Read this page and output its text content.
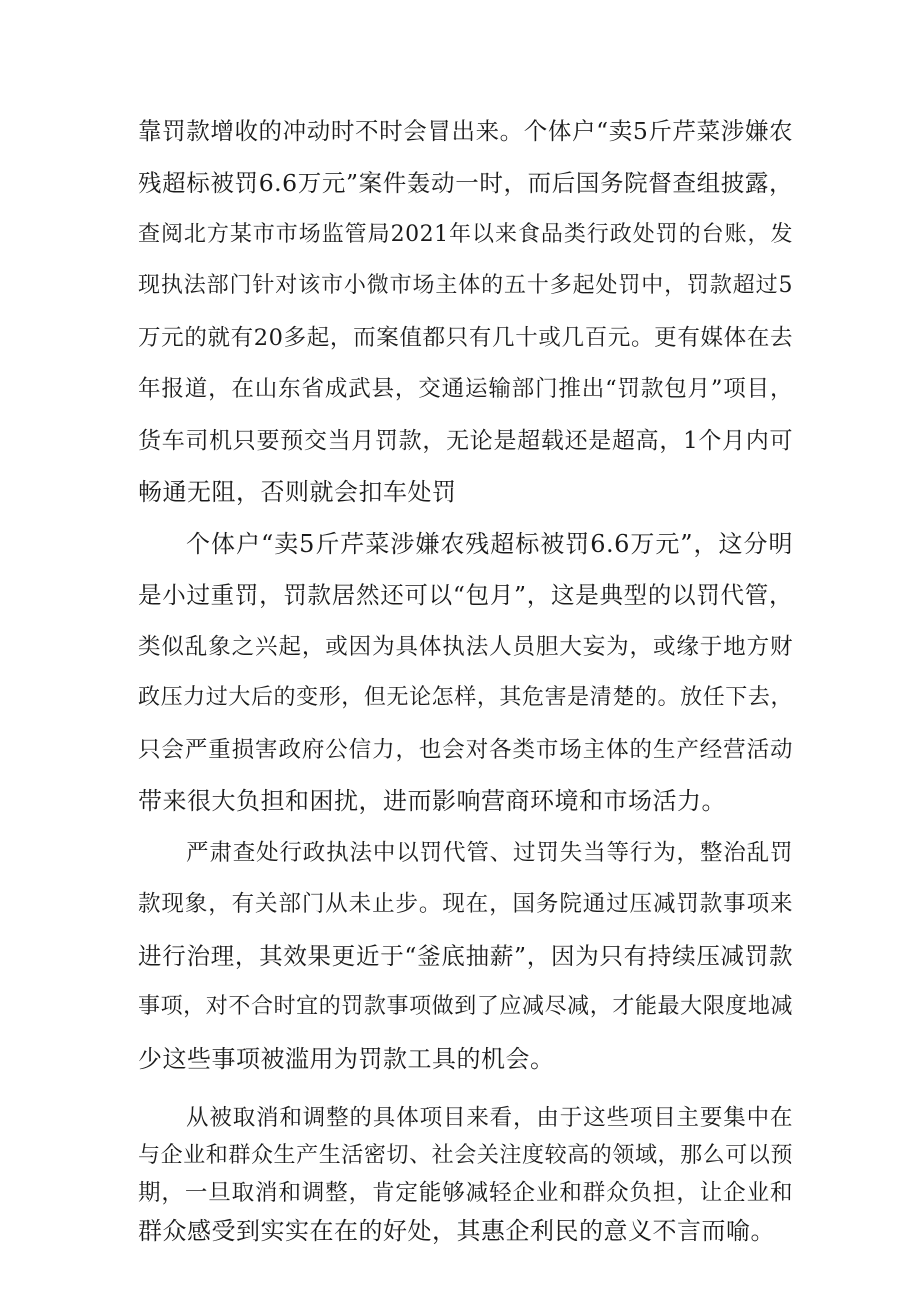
靠罚款增收的冲动时不时会冒出来。个体户“卖5斤芹菜涉嫌农
残超标被罚6.6万元”案件轰动一时，而后国务院督查组披露，
查阅北方某市市场监管局2021年以来食品类行政处罚的台账，发
现执法部门针对该市小微市场主体的五十多起处罚中，罚款超过5
万元的就有20多起，而案值都只有几十或几百元。更有媒体在去
年报道，在山东省成武县，交通运输部门推出“罚款包月”项目，
货车司机只要预交当月罚款，无论是超载还是超高，1个月内可
畅通无阻，否则就会扣车处罚
个体户“卖5斤芹菜涉嫌农残超标被罚6.6万元”，这分明
是小过重罚，罚款居然还可以“包月”，这是典型的以罚代管，
类似乱象之兴起，或因为具体执法人员胆大妄为，或缘于地方财
政压力过大后的变形，但无论怎样，其危害是清楚的。放任下去，
只会严重损害政府公信力，也会对各类市场主体的生产经营活动
带来很大负担和困扰，进而影响营商环境和市场活力。
严肃查处行政执法中以罚代管、过罚失当等行为，整治乱罚
款现象，有关部门从未止步。现在，国务院通过压减罚款事项来
进行治理，其效果更近于“釜底抽薪”，因为只有持续压减罚款
事项，对不合时宜的罚款事项做到了应减尽减，才能最大限度地减
少这些事项被滥用为罚款工具的机会。
从被取消和调整的具体项目来看，由于这些项目主要集中在
与企业和群众生产生活密切、社会关注度较高的领域，那么可以预
期，一旦取消和调整，肯定能够减轻企业和群众负担，让企业和
群众感受到实实在在的好处，其惠企利民的意义不言而喻。
